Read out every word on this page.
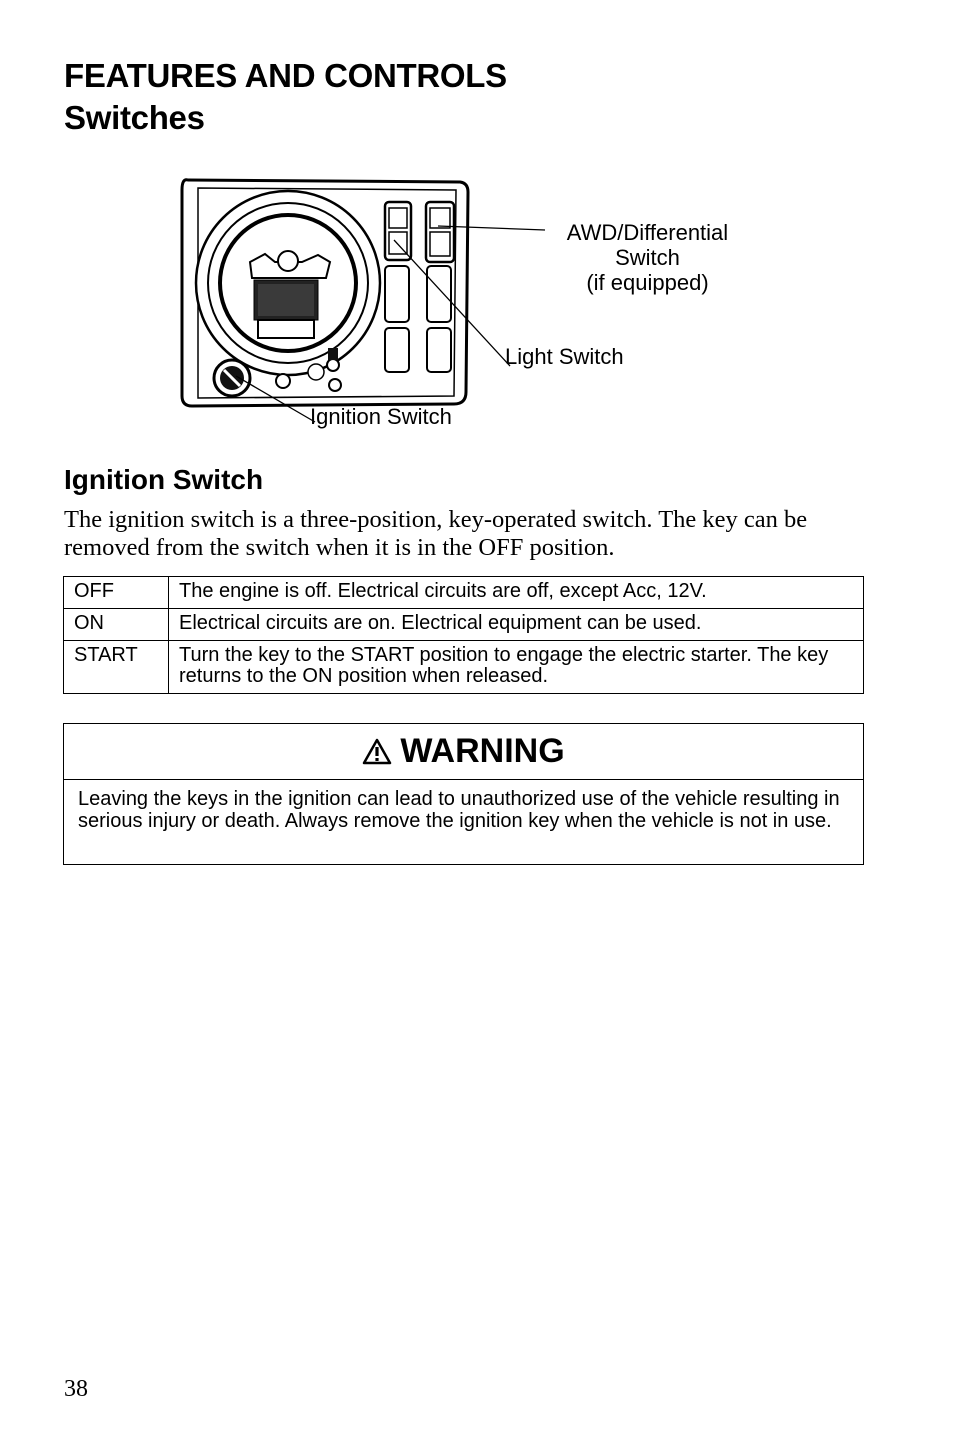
FEATURES AND CONTROLS
Switches
AWD/Differential
Switch
(if equipped)
Light Switch
Ignition Switch
Ignition Switch
The ignition switch is a three-position, key-operated switch. The key can be removed from the switch when it is in the OFF position.
OFF	The engine is off. Electrical circuits are off, except Acc, 12V.
ON	Electrical circuits are on. Electrical equipment can be used.
START	Turn the key to the START position to engage the electric starter. The key returns to the ON position when released.
WARNING
Leaving the keys in the ignition can lead to unauthorized use of the vehicle resulting in serious injury or death. Always remove the ignition key when the vehicle is not in use.
38
